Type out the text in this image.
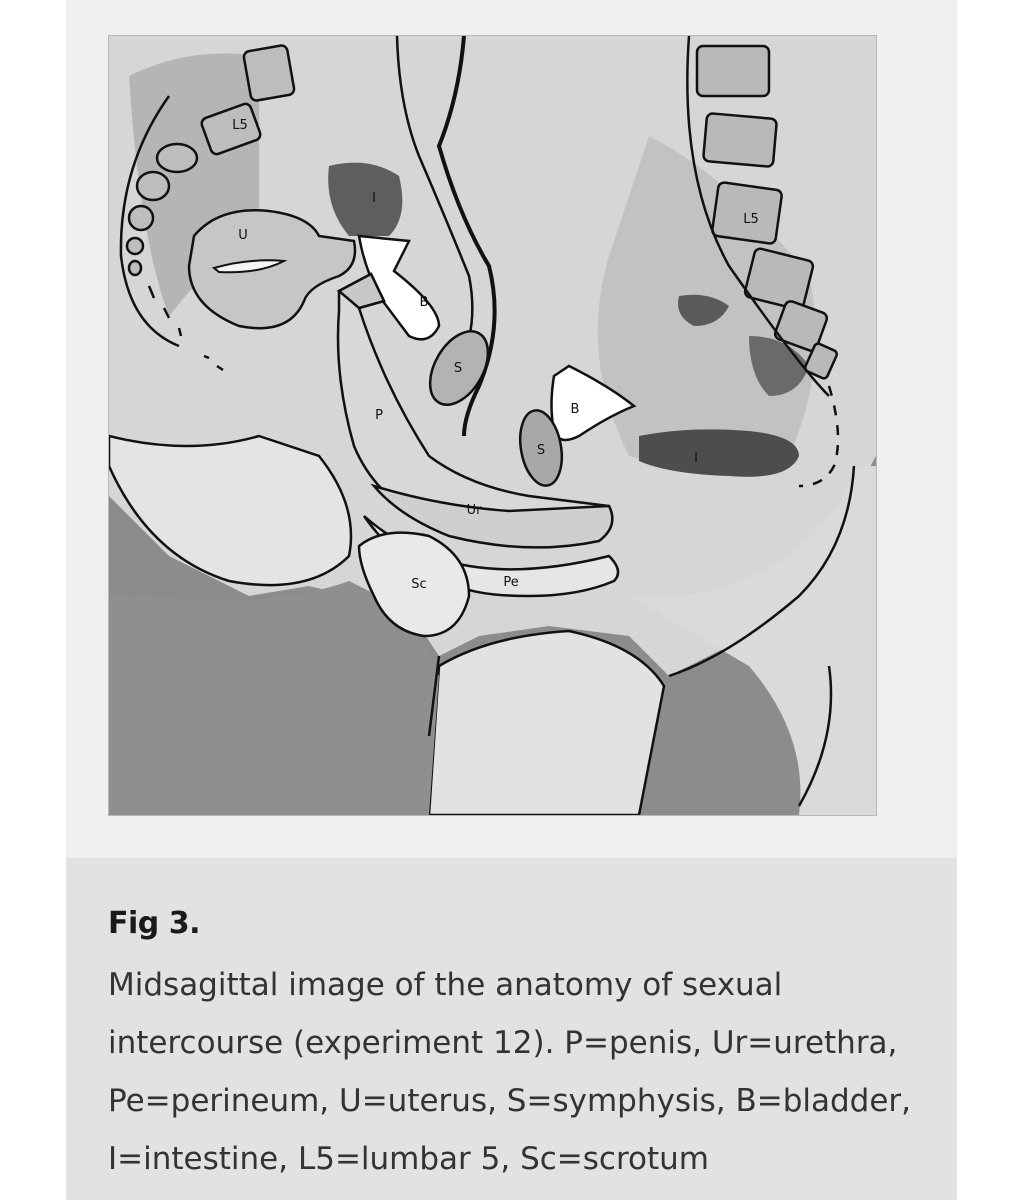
U
I
B
S
P
Ur
Sc	Pe
B
S
I
L5
L5
Fig 3.

Midsagittal image of the anatomy of sexual
intercourse (experiment 12). P=penis, Ur=urethra,
Pe=perineum, U=uterus, S=symphysis, B=bladder,
I=intestine, L5=lumbar 5, Sc=scrotum
